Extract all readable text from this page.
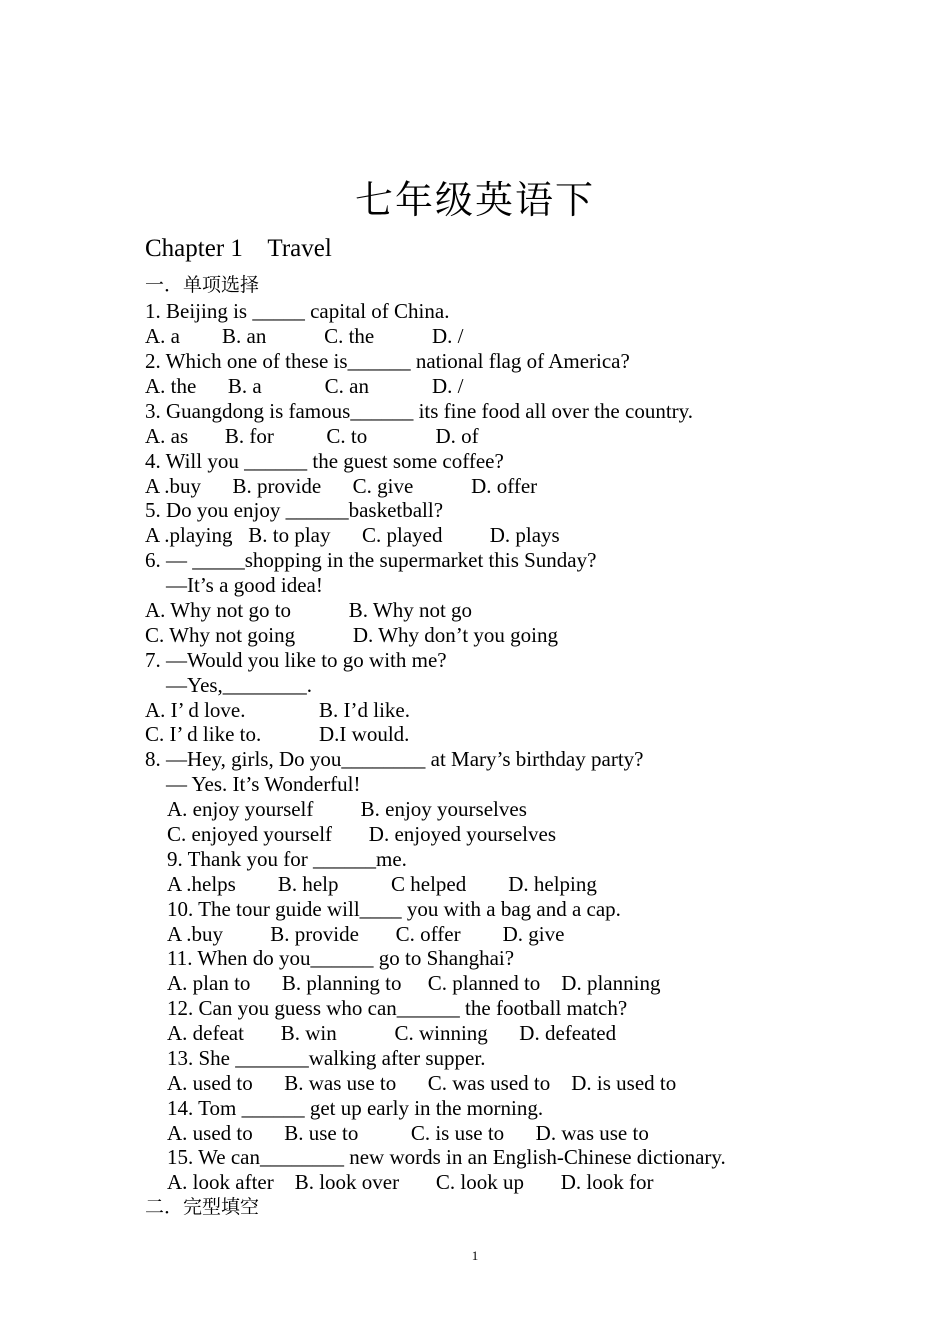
七年级英语下
Chapter 1    Travel
一．单项选择
1. Beijing is _____ capital of China.
A. a        B. an           C. the           D. /
2. Which one of these is______ national flag of America?
A. the      B. a            C. an            D. /
3. Guangdong is famous______ its fine food all over the country.
A. as       B. for          C. to             D. of
4. Will you ______ the guest some coffee?
A .buy      B. provide      C. give           D. offer
5. Do you enjoy ______basketball?
A .playing   B. to play      C. played         D. plays
6. — _____shopping in the supermarket this Sunday?
—It’s a good idea!
A. Why not go to           B. Why not go
C. Why not going           D. Why don’t you going
7. —Would you like to go with me?
—Yes,________.
A. I’ d love.              B. I’d like.
C. I’ d like to.           D.I would.
8. —Hey, girls, Do you________ at Mary’s birthday party?
— Yes. It’s Wonderful!
A. enjoy yourself         B. enjoy yourselves
C. enjoyed yourself       D. enjoyed yourselves
9. Thank you for ______me.
A .helps        B. help          C helped        D. helping
10. The tour guide will____ you with a bag and a cap.
A .buy         B. provide       C. offer        D. give
11. When do you______ go to Shanghai?
A. plan to      B. planning to     C. planned to    D. planning
12. Can you guess who can______ the football match?
A. defeat       B. win           C. winning      D. defeated
13. She _______walking after supper.
A. used to      B. was use to      C. was used to    D. is used to
14. Tom ______ get up early in the morning.
A. used to      B. use to          C. is use to      D. was use to
15. We can________ new words in an English-Chinese dictionary.
A. look after    B. look over       C. look up       D. look for
二．完型填空
1
